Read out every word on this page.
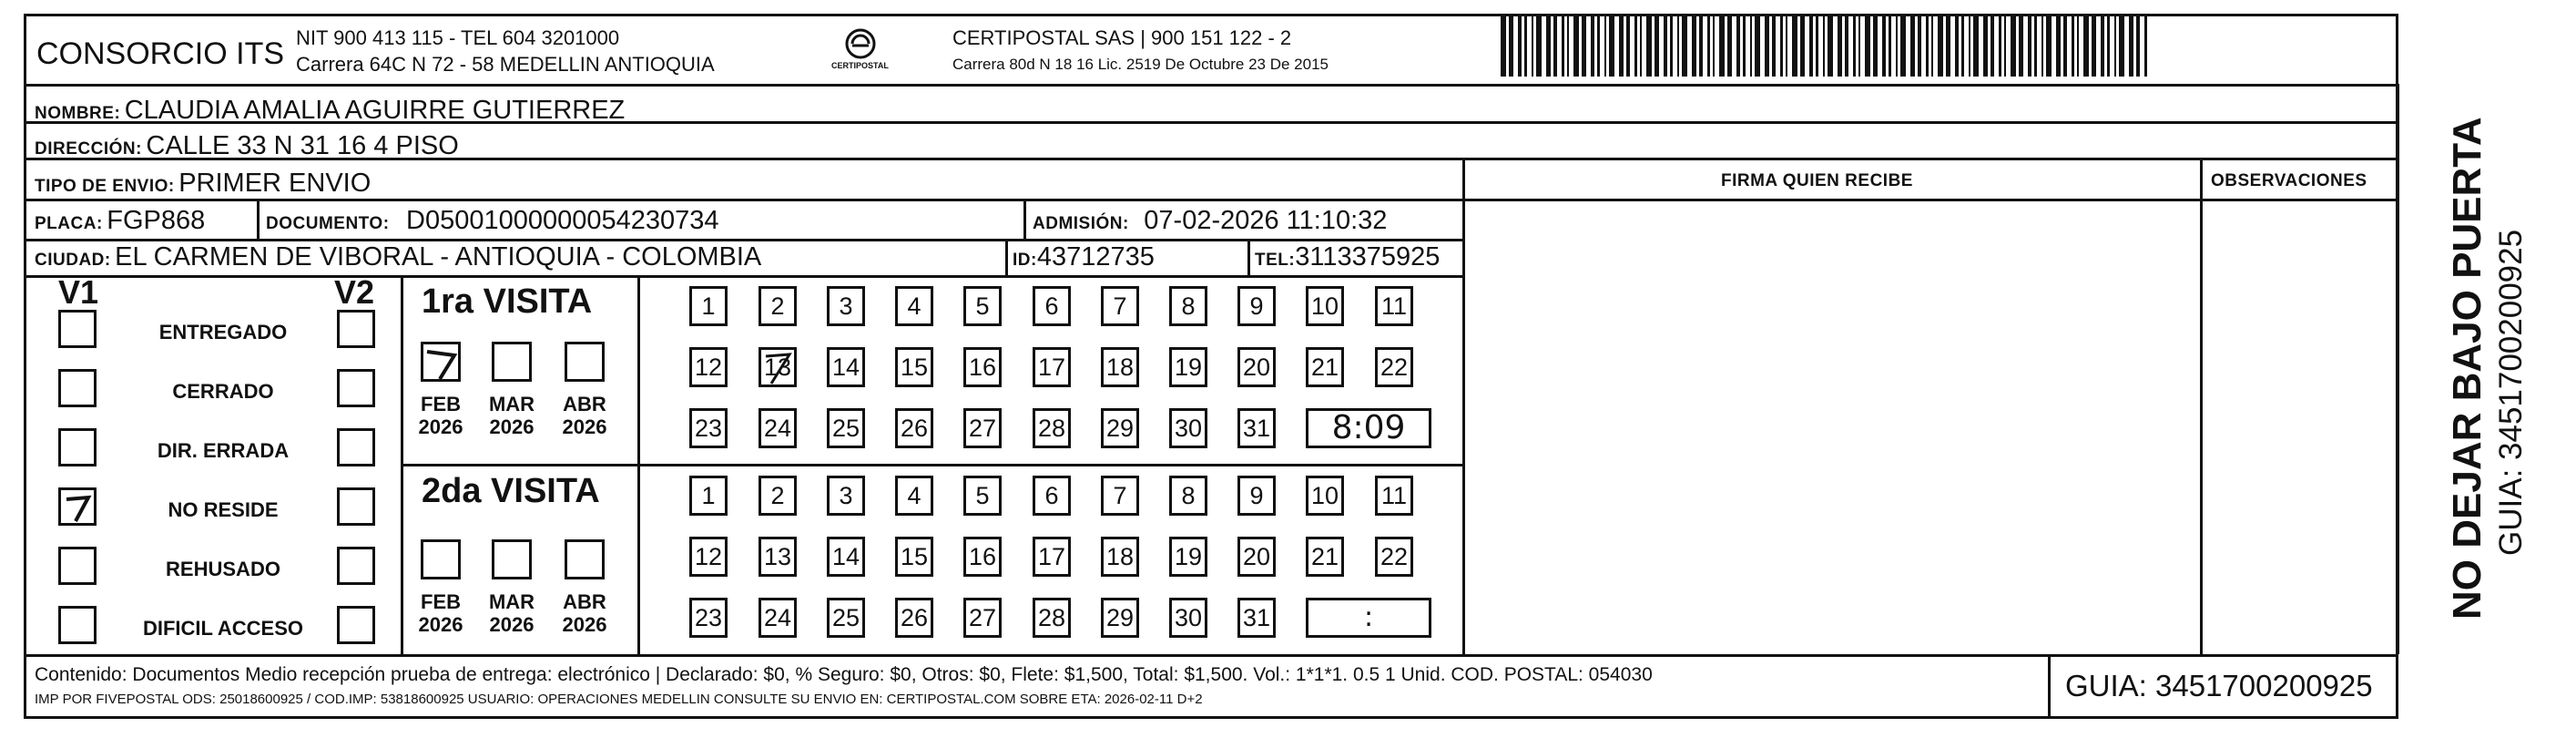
CONSORCIO ITS NIT 900 413 115 - TEL 604 3201000
Carrera 64C N 72 - 58 MEDELLIN ANTIOQUIA	CERTIPOSTAL
CERTIPOSTAL SAS | 900 151 122 - 2
Carrera 80d N 18 16 Lic. 2519 De Octubre 23 De 2015
NOMBRE: CLAUDIA AMALIA AGUIRRE GUTIERREZ
DIRECCIÓN: CALLE 33 N 31 16 4 PISO
TIPO DE ENVIO: PRIMER ENVIO	FIRMA QUIEN RECIBE	OBSERVACIONES
PLACA: FGP868	DOCUMENTO: D05001000000054230734	ADMISIÓN: 07-02-2026 11:10:32
CIUDAD: EL CARMEN DE VIBORAL - ANTIOQUIA - COLOMBIA	ID:43712735	TEL:3113375925
V1	V2
ENTREGADO
CERRADO
DIR. ERRADA
NO RESIDE
REHUSADO
DIFICIL ACCESO
1ra VISITA
2da VISITA
FEB
2026
MAR
2026
ABR
2026
FEB
2026
MAR
2026
ABR
2026
1	2	3	4	5	6	7	8	9	10 11
12 13 14 15 16 17 18 19 20 21 22
23 24 25 26 27 28 29 30 31	8:09
1	2	3	4	5	6	7	8	9	10 11
12 13 14 15 16 17 18 19 20 21 22
23 24 25 26 27 28 29 30 31	:
Contenido: Documentos Medio recepción prueba de entrega: electrónico | Declarado: $0, % Seguro: $0, Otros: $0, Flete: $1,500, Total: $1,500. Vol.: 1*1*1. 0.5 1 Unid. COD. POSTAL: 054030
IMP POR FIVEPOSTAL ODS: 25018600925 / COD.IMP: 53818600925 USUARIO: OPERACIONES MEDELLIN CONSULTE SU ENVIO EN: CERTIPOSTAL.COM SOBRE ETA: 2026-02-11 D+2	GUIA: 3451700200925
NO DEJAR BAJO PUERTA GUIA: 3451700200925
